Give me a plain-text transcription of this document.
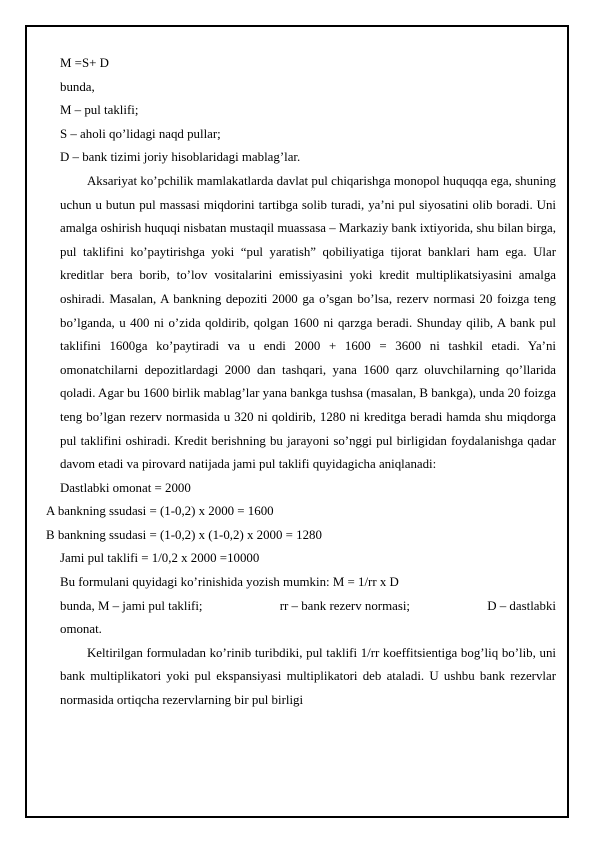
M =S+ D
bunda,
M – pul taklifi;
S – aholi qo’lidagi naqd pullar;
D – bank tizimi joriy hisoblaridagi mablag’lar.

Aksariyat ko’pchilik mamlakatlarda davlat pul chiqarishga monopol huquqqa ega, shuning uchun u butun pul massasi miqdorini tartibga solib turadi, ya’ni pul siyosatini olib boradi. Uni amalga oshirish huquqi nisbatan mustaqil muassasa – Markaziy bank ixtiyorida, shu bilan birga, pul taklifini ko’paytirishga yoki “pul yaratish” qobiliyatiga tijorat banklari ham ega. Ular kreditlar bera borib, to’lov vositalarini emissiyasini yoki kredit multiplikatsiyasini amalga oshiradi. Masalan, A bankning depoziti 2000 ga o’sgan bo’lsa, rezerv normasi 20 foizga teng bo’lganda, u 400 ni o’zida qoldirib, qolgan 1600 ni qarzga beradi. Shunday qilib, A bank pul taklifini 1600ga ko’paytiradi va u endi 2000 + 1600 = 3600 ni tashkil etadi. Ya’ni omonatchilarni depozitlardagi 2000 dan tashqari, yana 1600 qarz oluvchilarning qo’llarida qoladi. Agar bu 1600 birlik mablag’lar yana bankga tushsa (masalan, B bankga), unda 20 foizga teng bo’lgan rezerv normasida u 320 ni qoldirib, 1280 ni kreditga beradi hamda shu miqdorga pul taklifini oshiradi. Kredit berishning bu jarayoni so’nggi pul birligidan foydalanishga qadar davom etadi va pirovard natijada jami pul taklifi quyidagicha aniqlanadi:

Dastlabki omonat = 2000
A bankning ssudasi = (1-0,2) x 2000 = 1600
B bankning ssudasi = (1-0,2) x (1-0,2) x 2000 = 1280
Jami pul taklifi = 1/0,2 x 2000 =10000
Bu formulani quyidagi ko’rinishida yozish mumkin: M = 1/rr x D
bunda, M – jami pul taklifi;	rr – bank rezerv normasi;	D – dastlabki
omonat.

Keltirilgan formuladan ko’rinib turibdiki, pul taklifi 1/rr koeffitsientiga bog’liq bo’lib, uni bank multiplikatori yoki pul ekspansiyasi multiplikatori deb ataladi. U ushbu bank rezervlar normasida ortiqcha rezervlarning bir pul birligi
